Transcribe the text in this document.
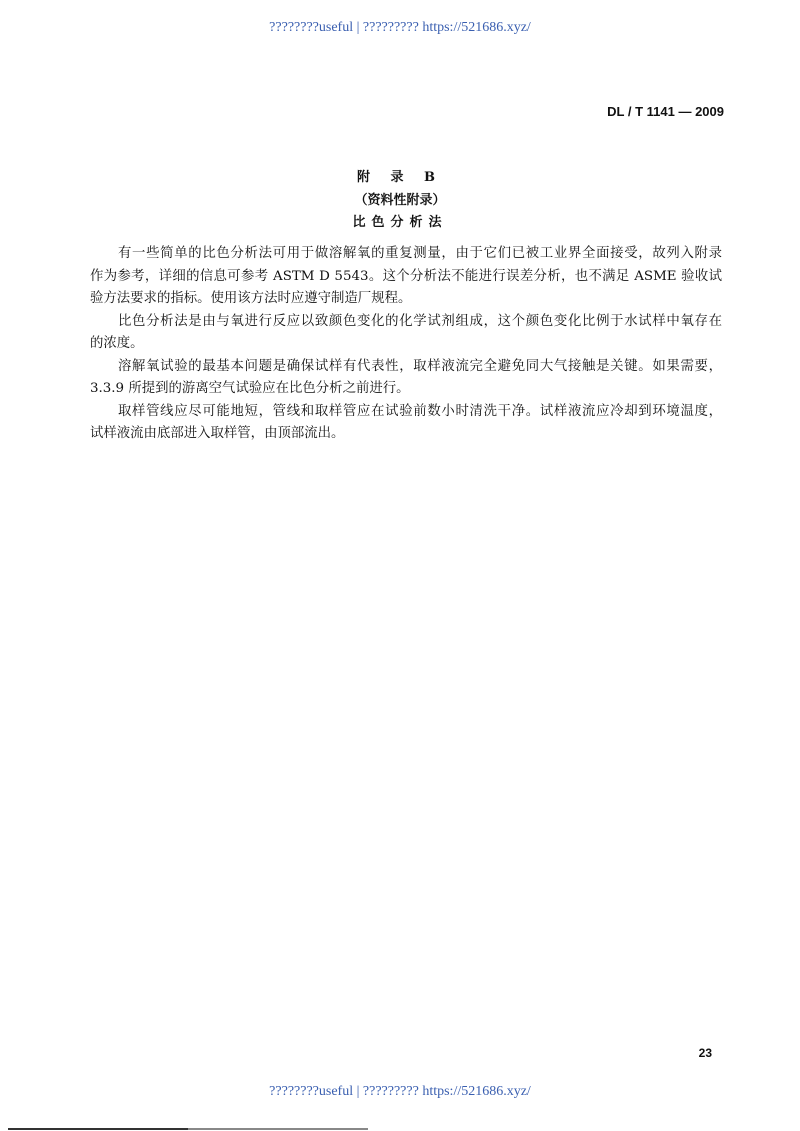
????????useful | ????????? https://521686.xyz/
DL / T 1141 — 2009
附 录 B
（资料性附录）
比色分析法
有一些简单的比色分析法可用于做溶解氧的重复测量，由于它们已被工业界全面接受，故列入附录
作为参考，详细的信息可参考 ASTM D 5543。这个分析法不能进行误差分析，也不满足 ASME 验收试
验方法要求的指标。使用该方法时应遵守制造厂规程。
比色分析法是由与氧进行反应以致颜色变化的化学试剂组成，这个颜色变化比例于水试样中氧存在
的浓度。
溶解氧试验的最基本问题是确保试样有代表性，取样液流完全避免同大气接触是关键。如果需要，
3.3.9 所提到的游离空气试验应在比色分析之前进行。
取样管线应尽可能地短，管线和取样管应在试验前数小时清洗干净。试样液流应冷却到环境温度，
试样液流由底部进入取样管，由顶部流出。
23
????????useful | ????????? https://521686.xyz/
